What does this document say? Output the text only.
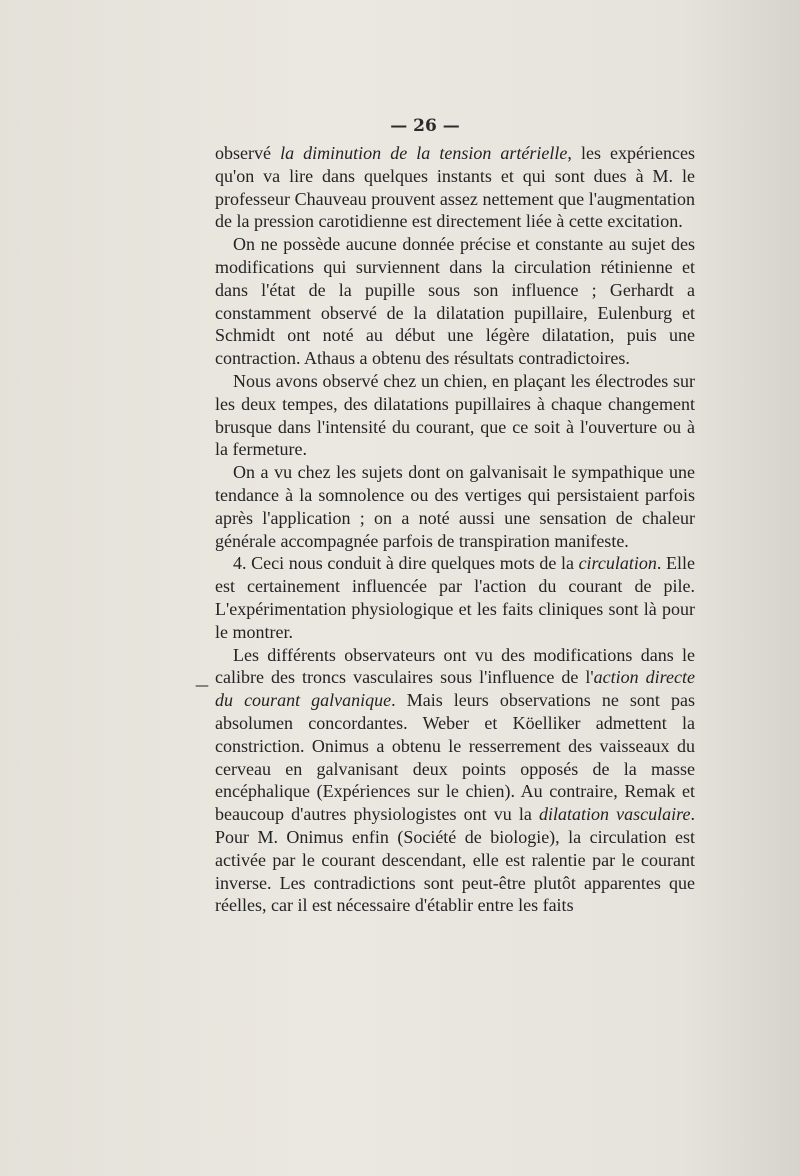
— 26 —

observé la diminution de la tension artérielle, les expériences qu'on va lire dans quelques instants et qui sont dues à M. le professeur Chauveau prouvent assez nettement que l'augmentation de la pression carotidienne est directement liée à cette excitation.

On ne possède aucune donnée précise et constante au sujet des modifications qui surviennent dans la circulation rétinienne et dans l'état de la pupille sous son influence ; Gerhardt a constamment observé de la dilatation pupillaire, Eulenburg et Schmidt ont noté au début une légère dilatation, puis une contraction. Athaus a obtenu des résultats contradictoires.

Nous avons observé chez un chien, en plaçant les électrodes sur les deux tempes, des dilatations pupillaires à chaque changement brusque dans l'intensité du courant, que ce soit à l'ouverture ou à la fermeture.

On a vu chez les sujets dont on galvanisait le sympathique une tendance à la somnolence ou des vertiges qui persistaient parfois après l'application ; on a noté aussi une sensation de chaleur générale accompagnée parfois de transpiration manifeste.

4. Ceci nous conduit à dire quelques mots de la circulation. Elle est certainement influencée par l'action du courant de pile. L'expérimentation physiologique et les faits cliniques sont là pour le montrer.

Les différents observateurs ont vu des modifications dans le calibre des troncs vasculaires sous l'influence de l'action directe du courant galvanique. Mais leurs observations ne sont pas absolumen concordantes. Weber et Köelliker admettent la constriction. Onimus a obtenu le resserrement des vaisseaux du cerveau en galvanisant deux points opposés de la masse encéphalique (Expériences sur le chien). Au contraire, Remak et beaucoup d'autres physiologistes ont vu la dilatation vasculaire. Pour M. Onimus enfin (Société de biologie), la circulation est activée par le courant descendant, elle est ralentie par le courant inverse. Les contradictions sont peut-être plutôt apparentes que réelles, car il est nécessaire d'établir entre les faits

—
